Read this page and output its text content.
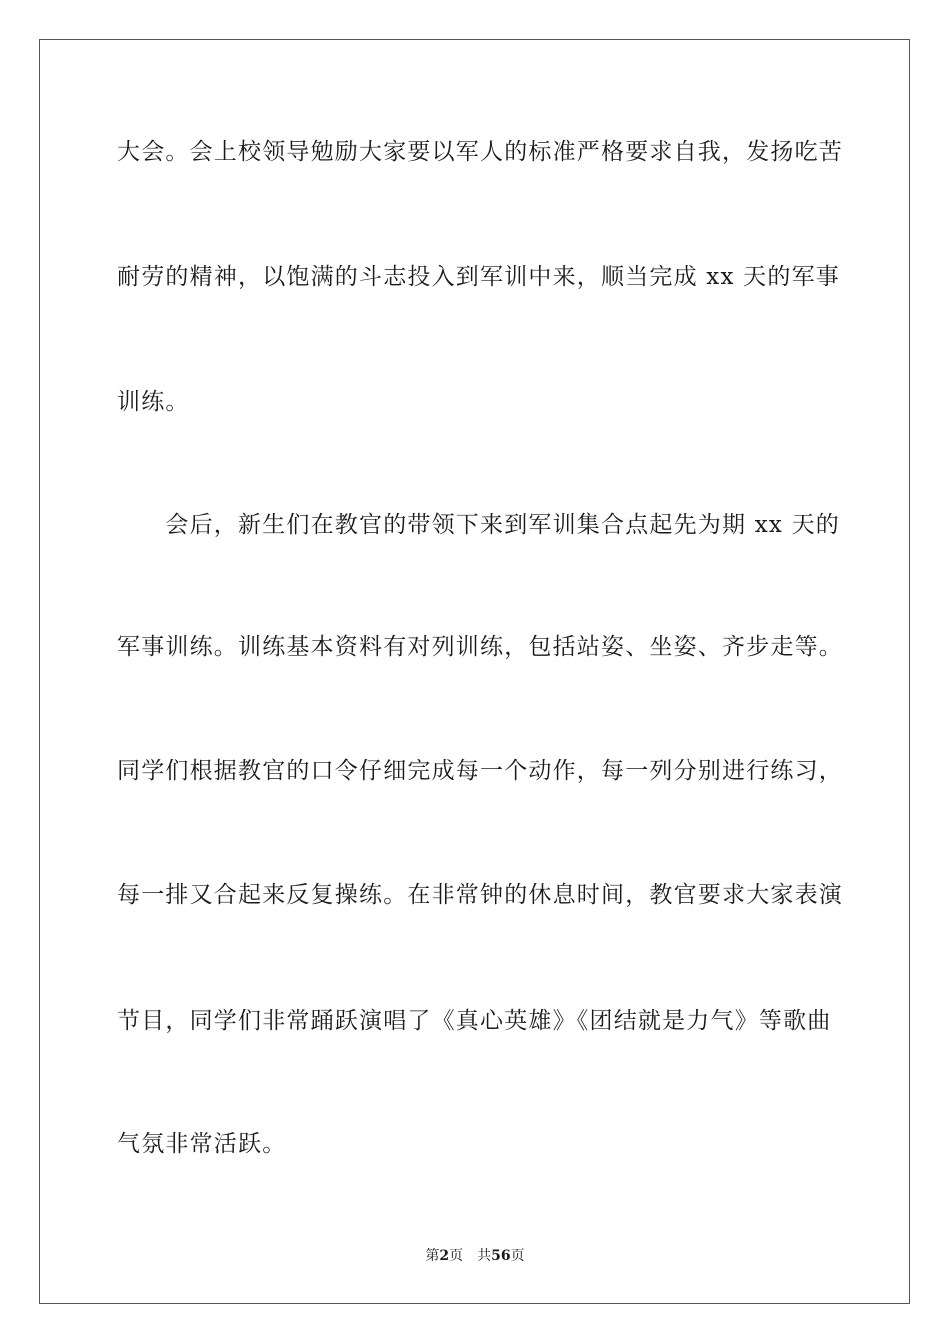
大会。会上校领导勉励大家要以军人的标准严格要求自我，发扬吃苦
耐劳的精神，以饱满的斗志投入到军训中来，顺当完成 xx 天的军事
训练。
　　会后，新生们在教官的带领下来到军训集合点起先为期 xx 天的
军事训练。训练基本资料有对列训练，包括站姿、坐姿、齐步走等。
同学们根据教官的口令仔细完成每一个动作，每一列分别进行练习，
每一排又合起来反复操练。在非常钟的休息时间，教官要求大家表演
节目，同学们非常踊跃演唱了《真心英雄》《团结就是力气》等歌曲
气氛非常活跃。
第2页 共56页
